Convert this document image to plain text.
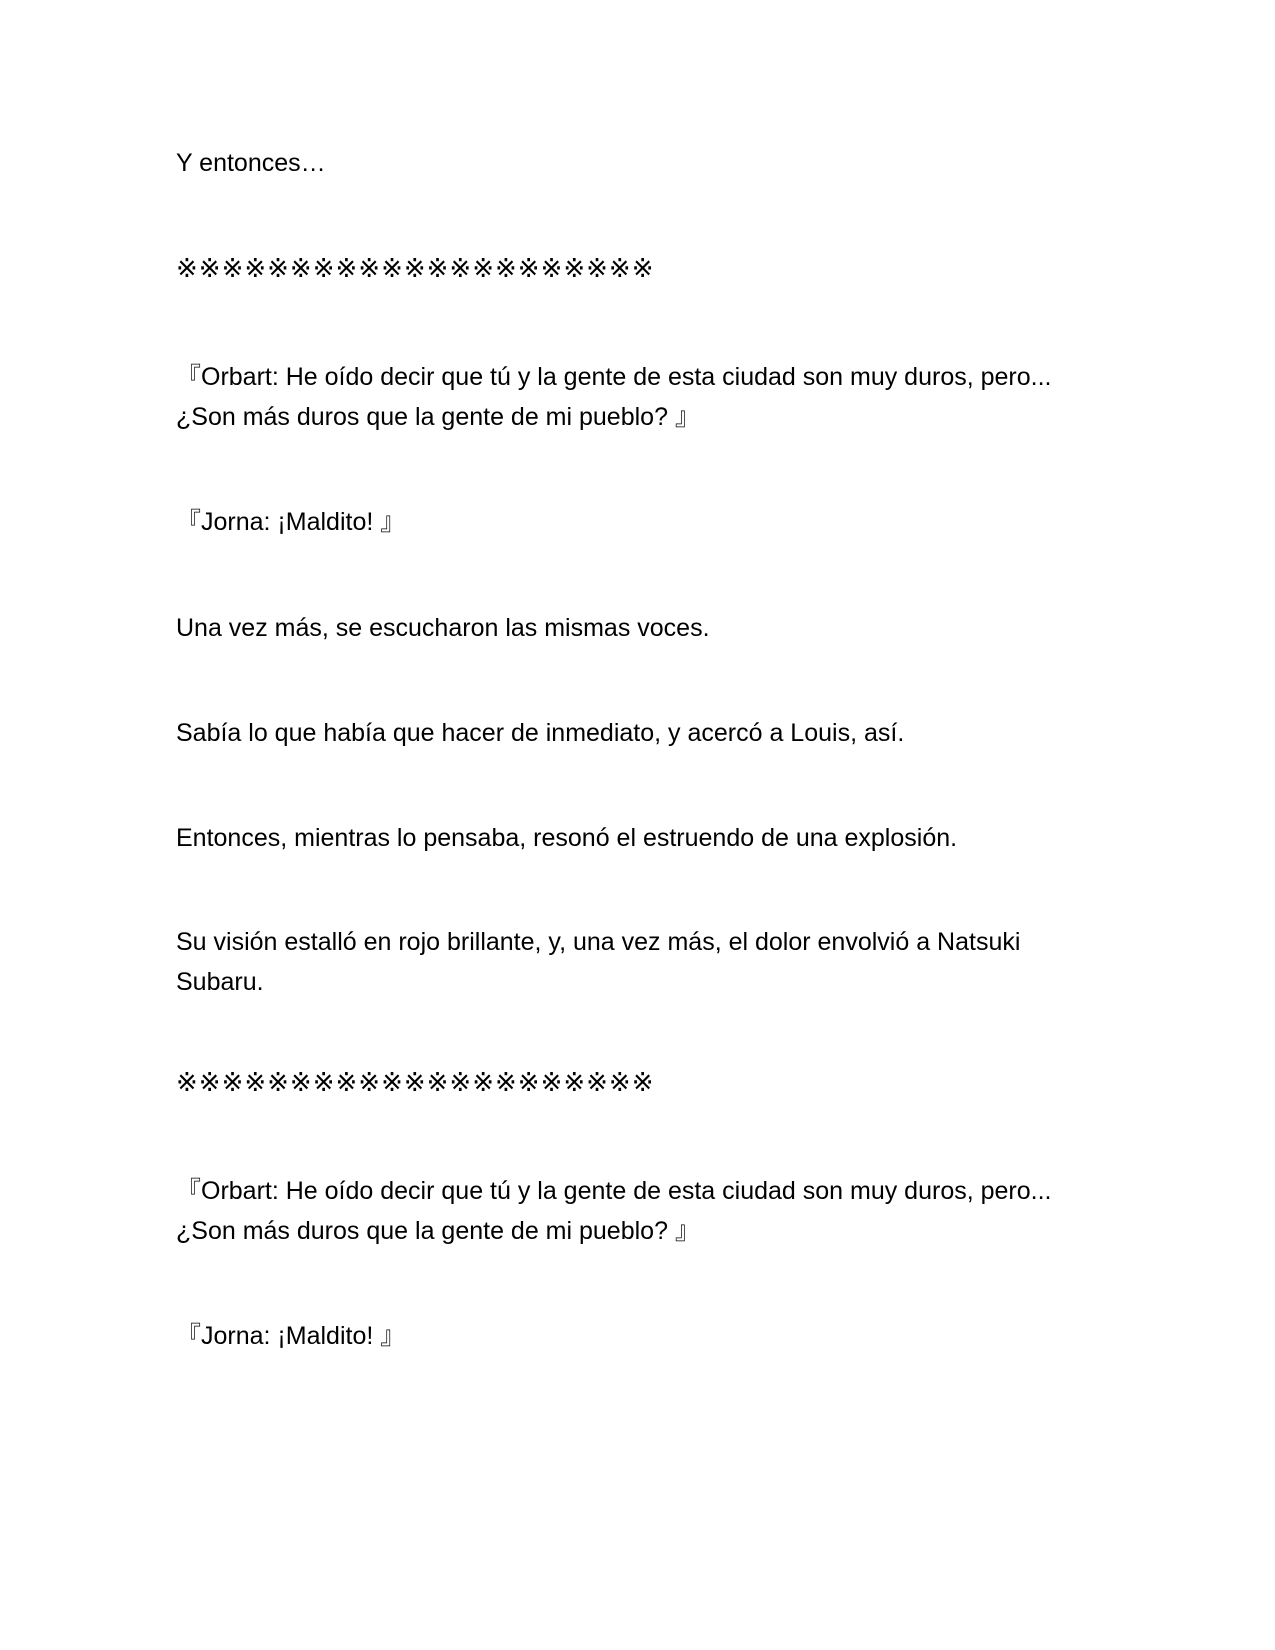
Y entonces…

※※※※※※※※※※※※※※※※※※※※※

『Orbart: He oído decir que tú y la gente de esta ciudad son muy duros, pero... ¿Son más duros que la gente de mi pueblo? 』

『Jorna: ¡Maldito! 』

Una vez más, se escucharon las mismas voces.

Sabía lo que había que hacer de inmediato, y acercó a Louis, así.

Entonces, mientras lo pensaba, resonó el estruendo de una explosión.

Su visión estalló en rojo brillante, y, una vez más, el dolor envolvió a Natsuki Subaru.

※※※※※※※※※※※※※※※※※※※※※

『Orbart: He oído decir que tú y la gente de esta ciudad son muy duros, pero... ¿Son más duros que la gente de mi pueblo? 』

『Jorna: ¡Maldito! 』
